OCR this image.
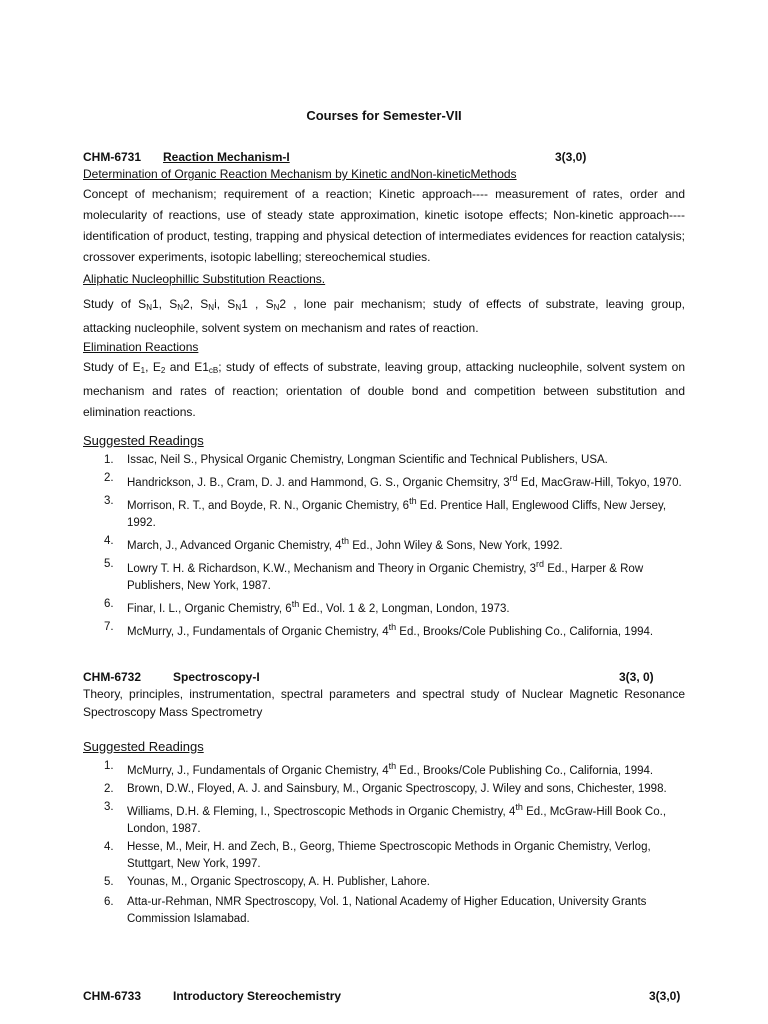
Courses for Semester-VII
CHM-6731 Reaction Mechanism-I	3(3,0)
Determination of Organic Reaction Mechanism by Kinetic andNon-kineticMethods
Concept of mechanism; requirement of a reaction; Kinetic approach---- measurement of rates, order and molecularity of reactions, use of steady state approximation, kinetic isotope effects; Non-kinetic approach---- identification of product, testing, trapping and physical detection of intermediates evidences for reaction catalysis; crossover experiments, isotopic labelling; stereochemical studies.
Aliphatic Nucleophillic Substitution Reactions.
Study of $S_N1$, $S_N2$, $S_Ni$, $S_N1$ , $S_N2$ , lone pair mechanism; study of effects of substrate, leaving group,
attacking nucleophile, solvent system on mechanism and rates of reaction.
Elimination Reactions
Study of $E_1$, $E_2$ and $E1_{cB}$; study of effects of substrate, leaving group, attacking nucleophile, solvent system on mechanism and rates of reaction; orientation of double bond and competition between substitution and elimination reactions.
Suggested Readings
1. Issac, Neil S., Physical Organic Chemistry, Longman Scientific and Technical Publishers, USA.
2. Handrickson, J. B., Cram, D. J. and Hammond, G. S., Organic Chemsitry, 3rd Ed, MacGraw-Hill, Tokyo, 1970.
3. Morrison, R. T., and Boyde, R. N., Organic Chemistry, 6th Ed. Prentice Hall, Englewood Cliffs, New Jersey, 1992.
4. March, J., Advanced Organic Chemistry, 4th Ed., John Wiley & Sons, New York, 1992.
5. Lowry T. H. & Richardson, K.W., Mechanism and Theory in Organic Chemistry, 3rd Ed., Harper & Row Publishers, New York, 1987.
6. Finar, I. L., Organic Chemistry, 6th Ed., Vol. 1 & 2, Longman, London, 1973.
7. McMurry, J., Fundamentals of Organic Chemistry, 4th Ed., Brooks/Cole Publishing Co., California, 1994.
CHM-6732	Spectroscopy-I	3(3, 0)
Theory, principles, instrumentation, spectral parameters and spectral study of Nuclear Magnetic Resonance Spectroscopy Mass Spectrometry
Suggested Readings
1. McMurry, J., Fundamentals of Organic Chemistry, 4th Ed., Brooks/Cole Publishing Co., California, 1994.
2. Brown, D.W., Floyed, A. J. and Sainsbury, M., Organic Spectroscopy, J. Wiley and sons, Chichester, 1998.
3. Williams, D.H. & Fleming, I., Spectroscopic Methods in Organic Chemistry, 4th Ed., McGraw-Hill Book Co., London, 1987.
4. Hesse, M., Meir, H. and Zech, B., Georg, Thieme Spectroscopic Methods in Organic Chemistry, Verlog, Stuttgart, New York, 1997.
5. Younas, M., Organic Spectroscopy, A. H. Publisher, Lahore.
6. Atta-ur-Rehman, NMR Spectroscopy, Vol. 1, National Academy of Higher Education, University Grants Commission Islamabad.
CHM-6733	Introductory Stereochemistry	3(3,0)
